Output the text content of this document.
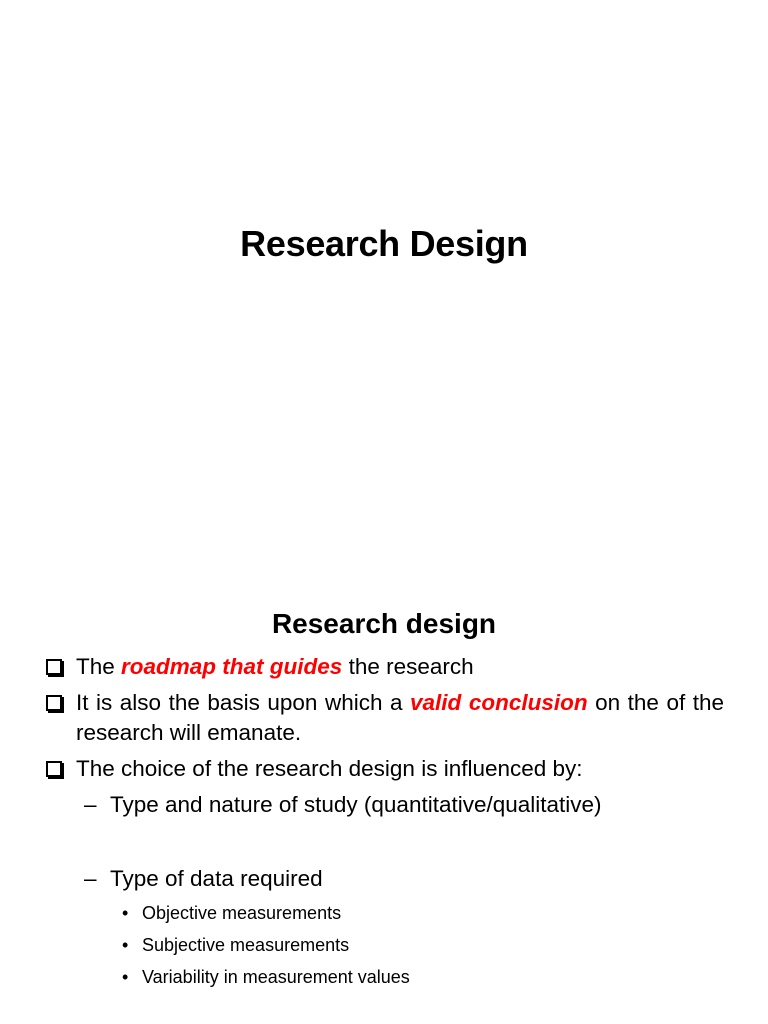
Research Design
Research design
The roadmap that guides the research
It is also the basis upon which a valid conclusion on the of the research will emanate.
The choice of the research design is influenced by:
– Type and nature of study (quantitative/qualitative)
– Type of data required
• Objective measurements
• Subjective measurements
• Variability in measurement values
